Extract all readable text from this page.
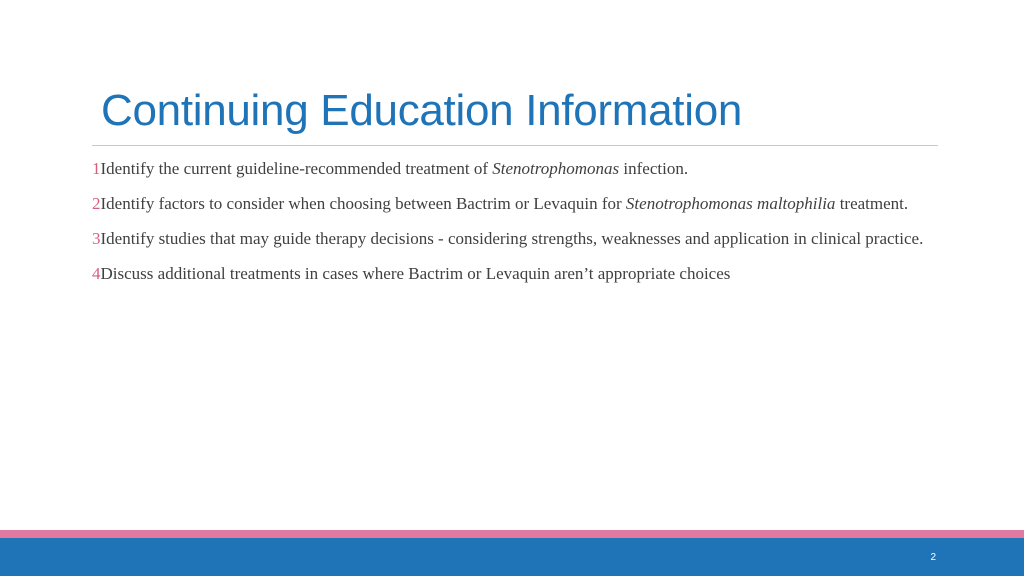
Continuing Education Information
1Identify the current guideline-recommended treatment of Stenotrophomonas infection.
2Identify factors to consider when choosing between Bactrim or Levaquin for Stenotrophomonas maltophilia treatment.
3Identify studies that may guide therapy decisions - considering strengths, weaknesses and application in clinical practice.
4Discuss additional treatments in cases where Bactrim or Levaquin aren’t appropriate choices
2
